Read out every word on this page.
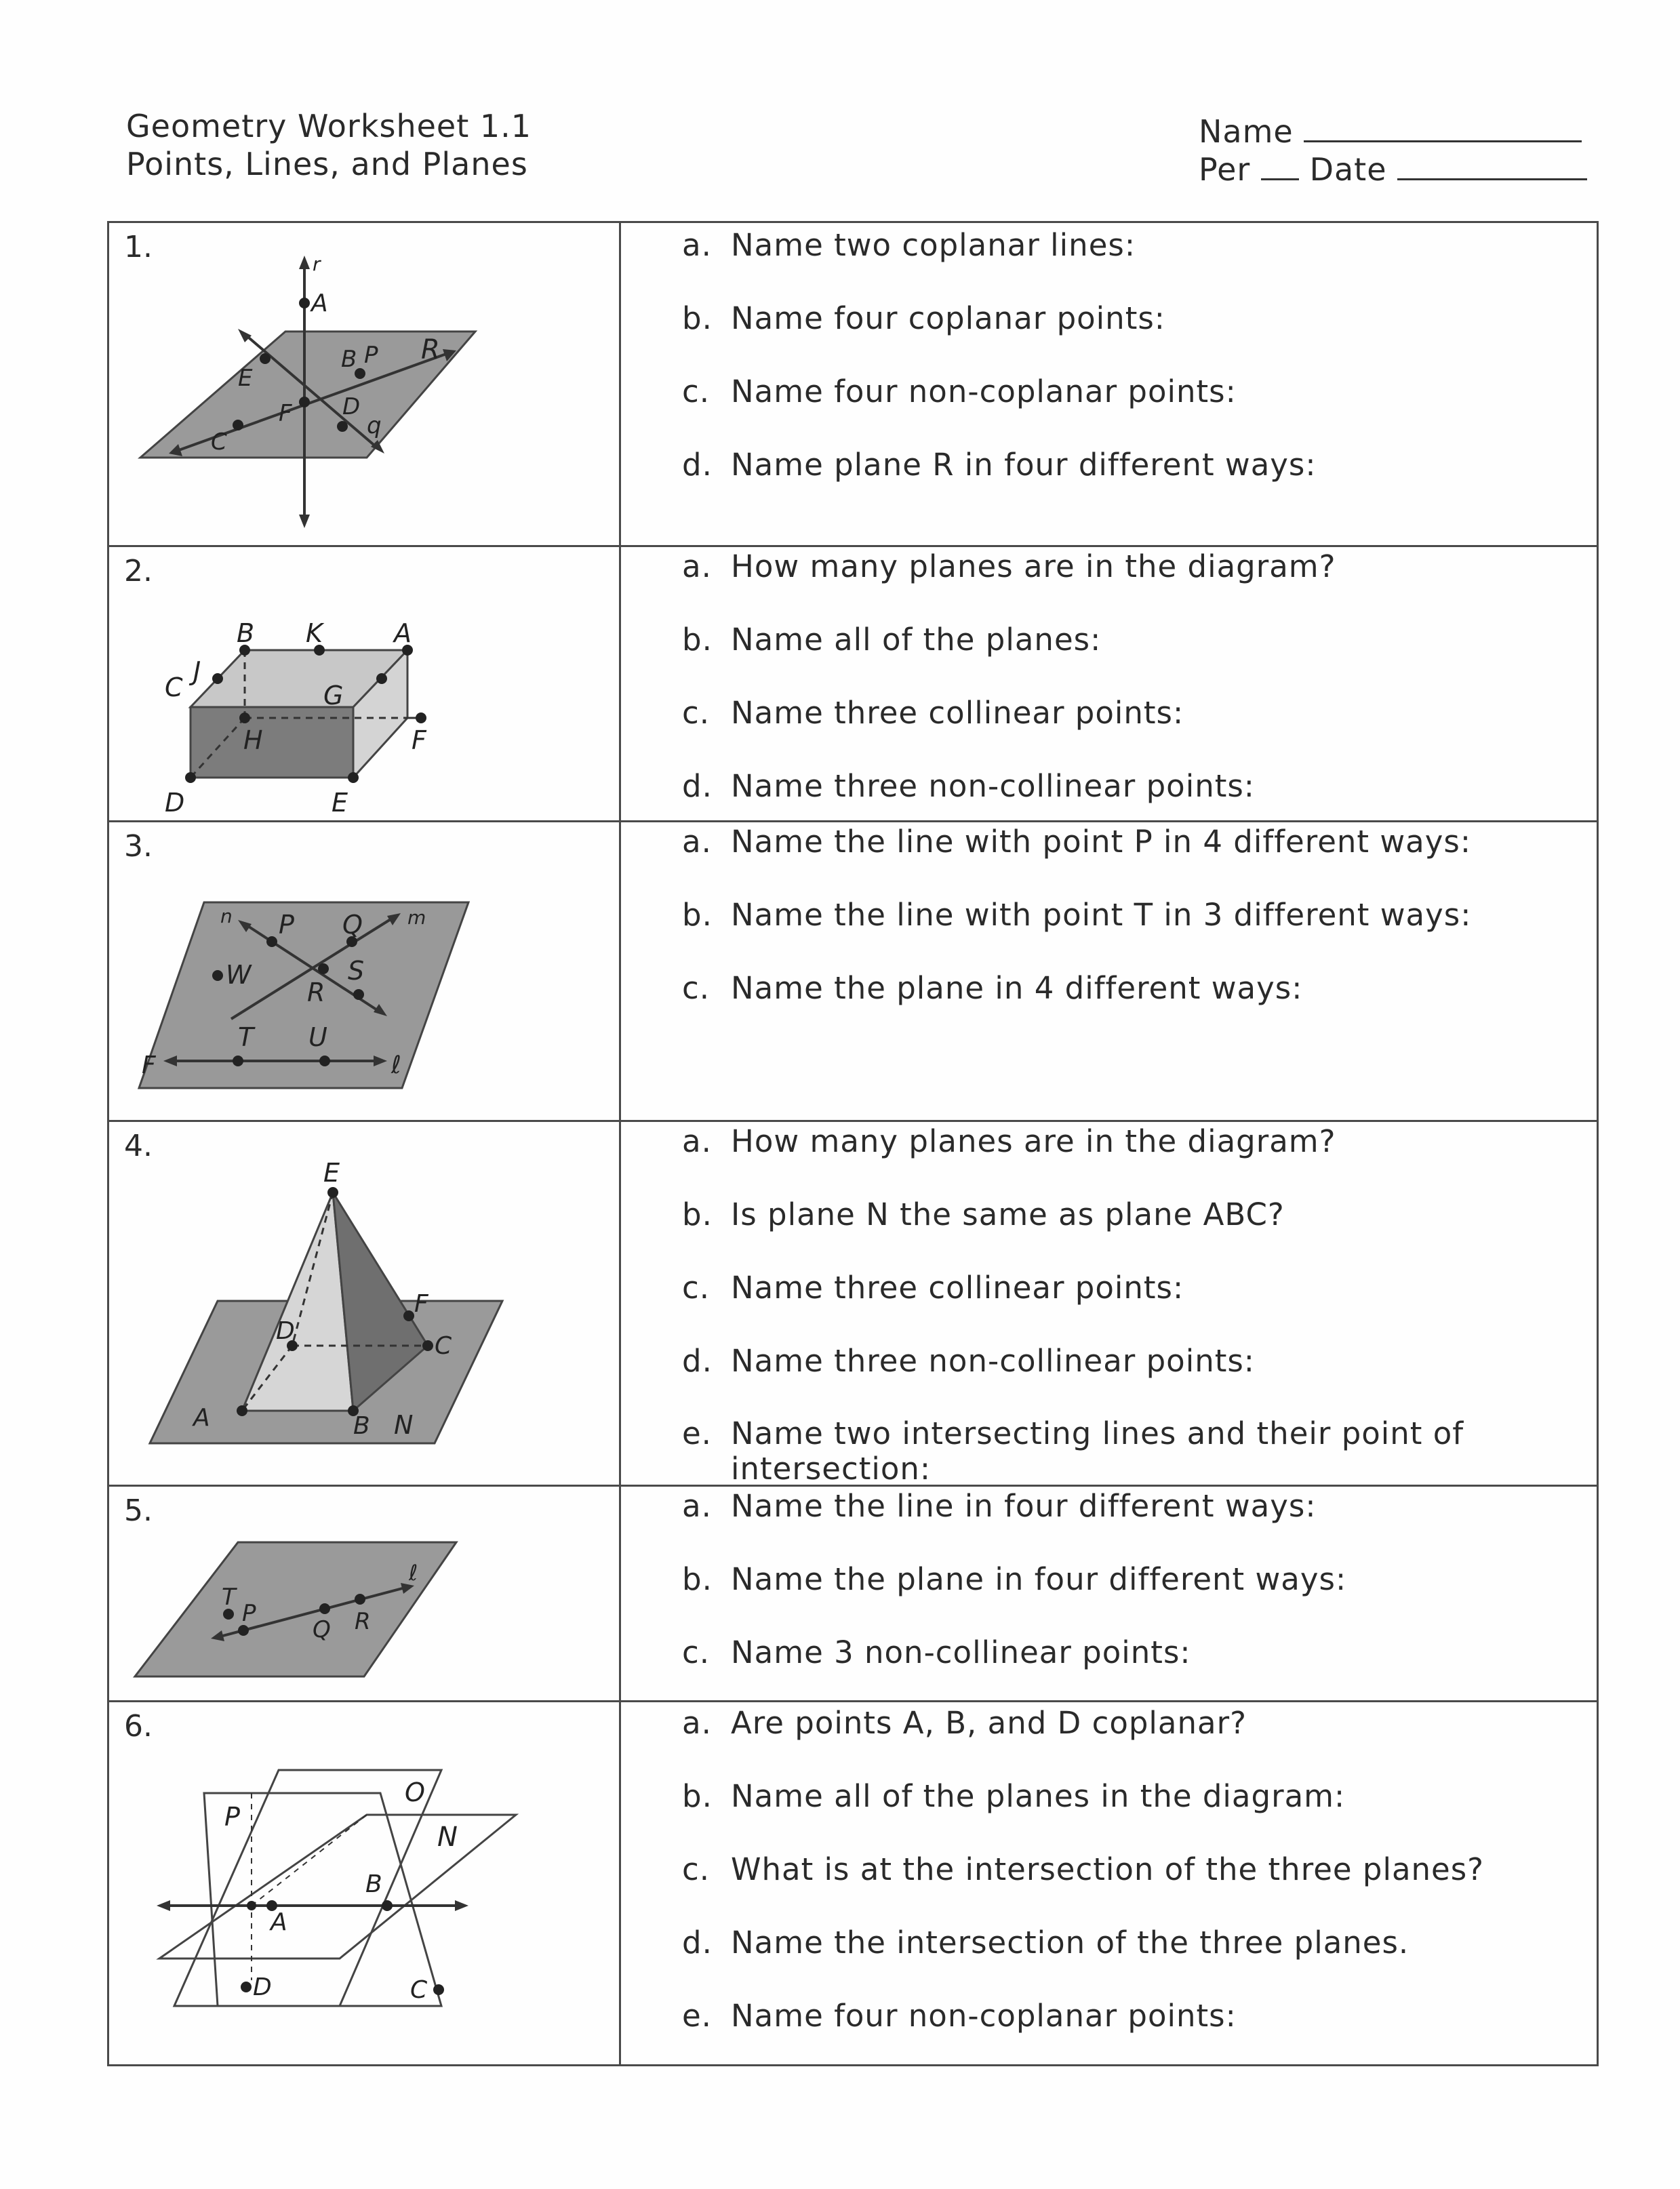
Geometry Worksheet 1.1
Points, Lines, and Planes
Name
Per Date
1.	r
A
B P R
E
F D
q
C
a. Name two coplanar lines:
b. Name four coplanar points:
c. Name four non-coplanar points:
d. Name plane R in four different ways:
2.
B K	A
C
J
G
F
H
D	E
a. How many planes are in the diagram?
b. Name all of the planes:
c. Name three collinear points:
d. Name three non-collinear points:
3.
n P Q m
W	S
R
T U
F	ℓ
a. Name the line with point P in 4 different ways:
b. Name the line with point T in 3 different ways:
c. Name the plane in 4 different ways:
4.
E
F
D
C
A	B N
a. How many planes are in the diagram?
b. Is plane N the same as plane ABC?
c. Name three collinear points:
d. Name three non-collinear points:
e. Name two intersecting lines and their point of
intersection:
5.
T
P
Q R
ℓ
a. Name the line in four different ways:
b. Name the plane in four different ways:
c. Name 3 non-collinear points:
6.
P
O
N
B
A
D	C
a. Are points A, B, and D coplanar?
b. Name all of the planes in the diagram:
c. What is at the intersection of the three planes?
d. Name the intersection of the three planes.
e. Name four non-coplanar points:
